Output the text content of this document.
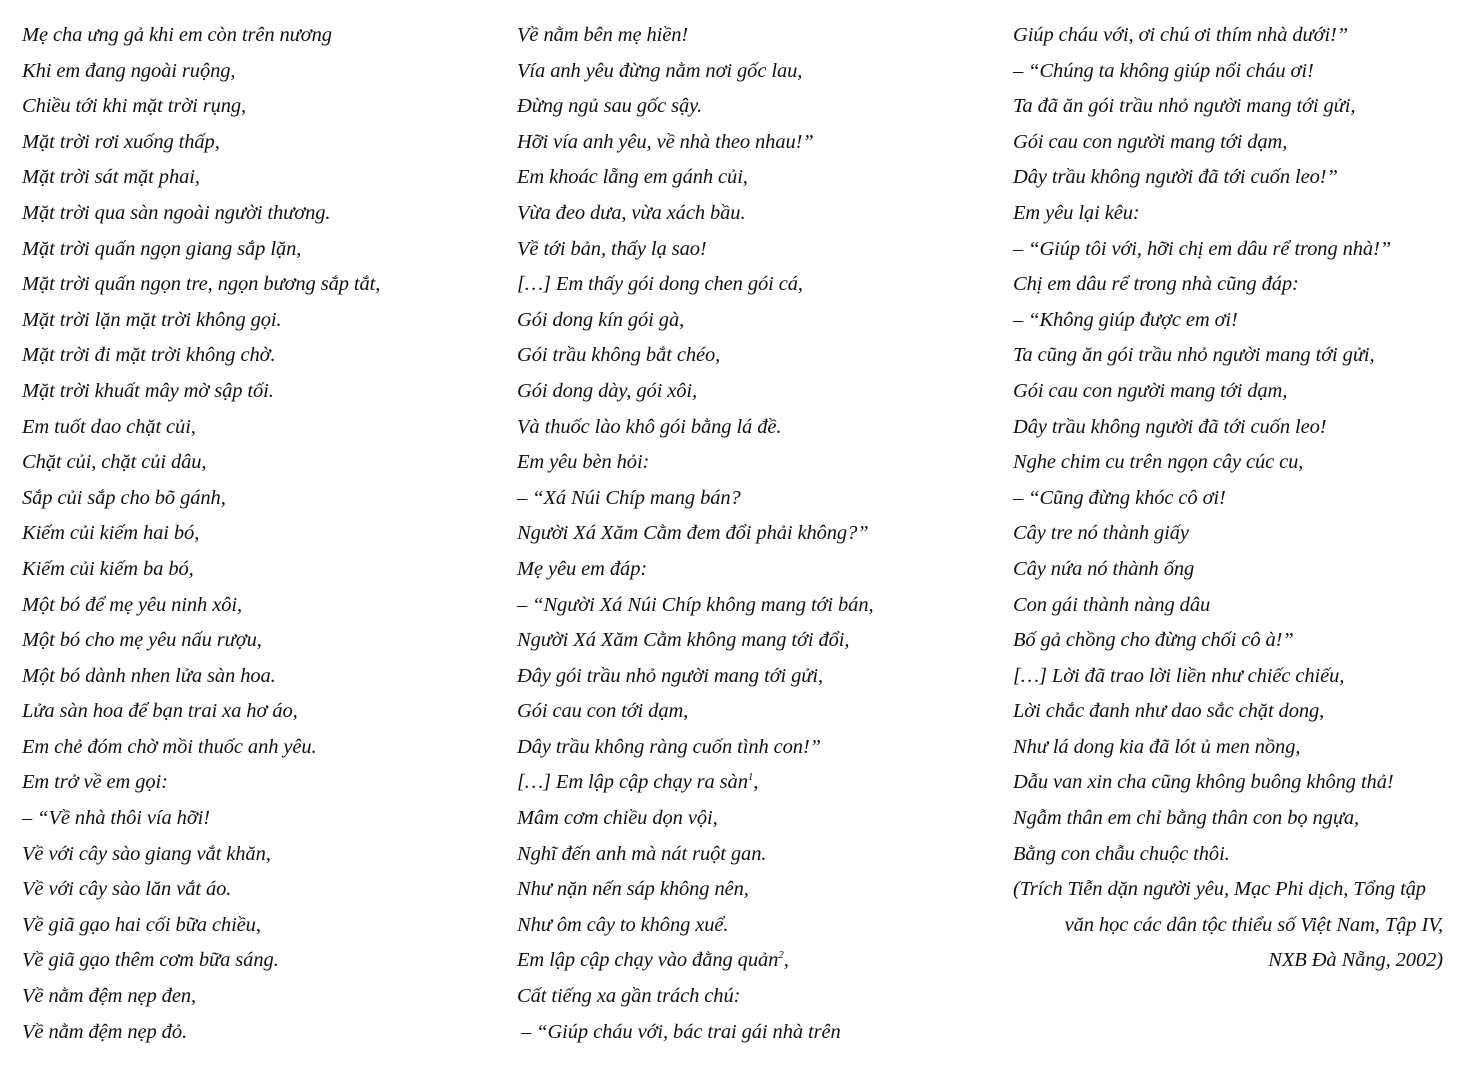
Mẹ cha ưng gả khi em còn trên nương
Khi em đang ngoài ruộng,
Chiều tới khi mặt trời rụng,
Mặt trời rơi xuống thấp,
Mặt trời sát mặt phai,
Mặt trời qua sàn ngoài người thương.
Mặt trời quấn ngọn giang sắp lặn,
Mặt trời quấn ngọn tre, ngọn bương sắp tắt,
Mặt trời lặn mặt trời không gọi.
Mặt trời đi mặt trời không chờ.
Mặt trời khuất mây mờ sập tối.
Em tuốt dao chặt củi,
Chặt củi, chặt củi dâu,
Sắp củi sắp cho bõ gánh,
Kiếm củi kiếm hai bó,
Kiếm củi kiếm ba bó,
Một bó để mẹ yêu ninh xôi,
Một bó cho mẹ yêu nấu rượu,
Một bó dành nhen lửa sàn hoa.
Lửa sàn hoa để bạn trai xa hơ áo,
Em chẻ đóm chờ mồi thuốc anh yêu.
Em trở về em gọi:
– “Về nhà thôi vía hỡi!
Về với cây sào giang vắt khăn,
Về với cây sào lăn vắt áo.
Về giã gạo hai cối bữa chiều,
Về giã gạo thêm cơm bữa sáng.
Về nằm đệm nẹp đen,
Về nằm đệm nẹp đỏ.
Về nằm bên mẹ hiền!
Vía anh yêu đừng nằm nơi gốc lau,
Đừng ngủ sau gốc sậy.
Hỡi vía anh yêu, về nhà theo nhau!”
Em khoác lẵng em gánh củi,
Vừa đeo dưa, vừa xách bầu.
Về tới bản, thấy lạ sao!
[…] Em thấy gói dong chen gói cá,
Gói dong kín gói gà,
Gói trầu không bắt chéo,
Gói dong dày, gói xôi,
Và thuốc lào khô gói bằng lá đề.
Em yêu bèn hỏi:
– “Xá Núi Chíp mang bán?
Người Xá Xăm Cằm đem đổi phải không?”
Mẹ yêu em đáp:
– “Người Xá Núi Chíp không mang tới bán,
Người Xá Xăm Cằm không mang tới đổi,
Đây gói trầu nhỏ người mang tới gửi,
Gói cau con tới dạm,
Dây trầu không ràng cuốn tình con!”
[…] Em lập cập chạy ra sàn$^1$,
Mâm cơm chiều dọn vội,
Nghĩ đến anh mà nát ruột gan.
Như nặn nến sáp không nên,
Như ôm cây to không xuể.
Em lập cập chạy vào đằng quản$^2$,
Cất tiếng xa gần trách chú:
– “Giúp cháu với, bác trai gái nhà trên
Giúp cháu với, ơi chú ơi thím nhà dưới!”
– “Chúng ta không giúp nổi cháu ơi!
Ta đã ăn gói trầu nhỏ người mang tới gửi,
Gói cau con người mang tới dạm,
Dây trầu không người đã tới cuốn leo!”
Em yêu lại kêu:
– “Giúp tôi với, hỡi chị em dâu rể trong nhà!”
Chị em dâu rể trong nhà cũng đáp:
– “Không giúp được em ơi!
Ta cũng ăn gói trầu nhỏ người mang tới gửi,
Gói cau con người mang tới dạm,
Dây trầu không người đã tới cuốn leo!
Nghe chim cu trên ngọn cây cúc cu,
– “Cũng đừng khóc cô ơi!
Cây tre nó thành giấy
Cây nứa nó thành ống
Con gái thành nàng dâu
Bố gả chồng cho đừng chối cô à!”
[…] Lời đã trao lời liền như chiếc chiếu,
Lời chắc đanh như dao sắc chặt dong,
Như lá dong kia đã lót ủ men nồng,
Dẫu van xin cha cũng không buông không thả!
Ngẫm thân em chỉ bằng thân con bọ ngựa,
Bằng con chẫu chuộc thôi.
(Trích Tiễn dặn người yêu, Mạc Phi dịch, Tổng tập
văn học các dân tộc thiểu số Việt Nam, Tập IV,
NXB Đà Nẵng, 2002)
